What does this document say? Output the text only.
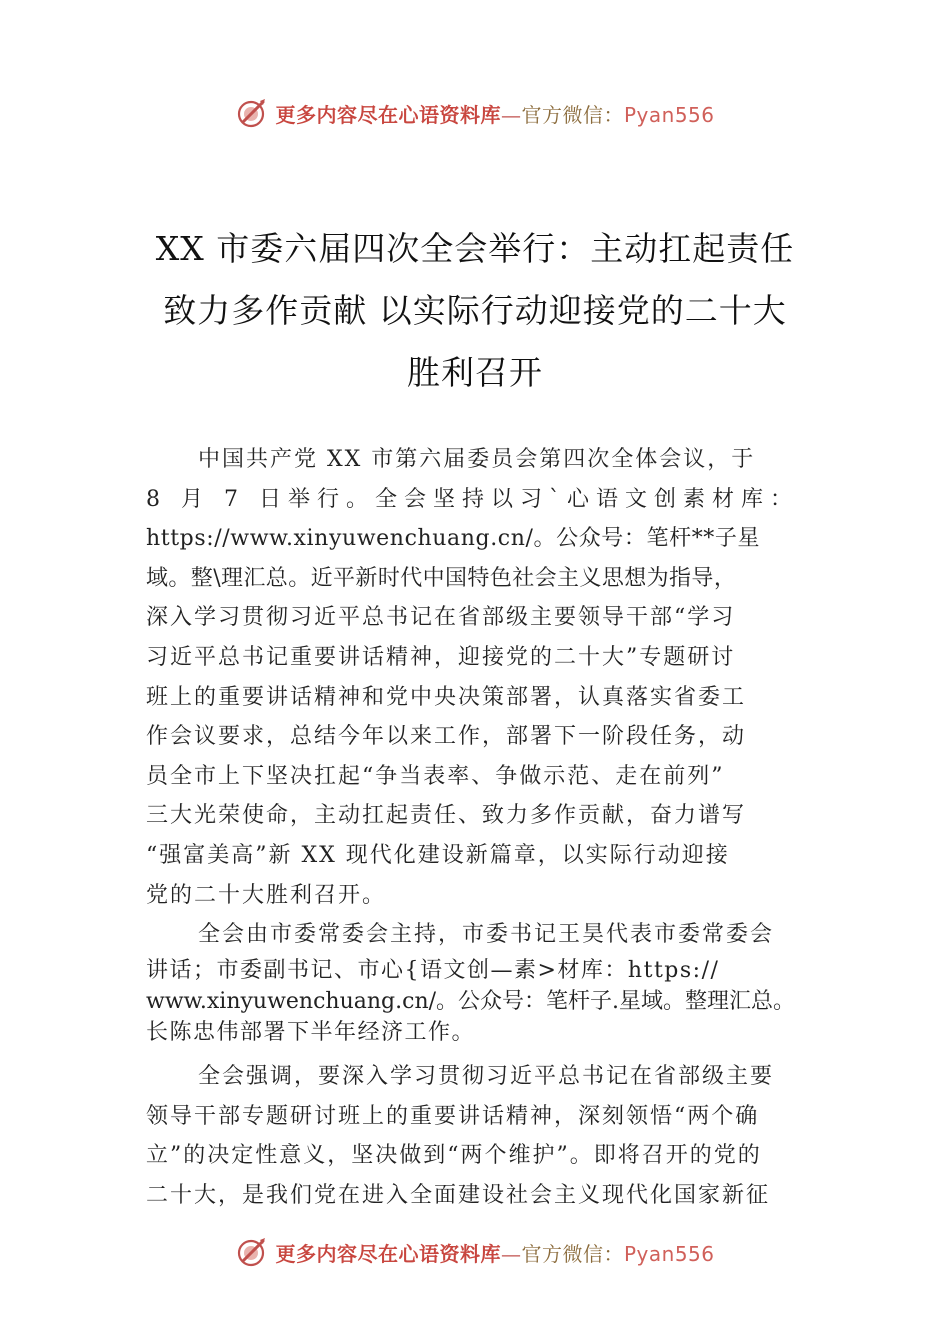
更多内容尽在心语资料库—官方微信：Pyan556
XX 市委六届四次全会举行：主动扛起责任
致力多作贡献 以实际行动迎接党的二十大
胜利召开
中国共产党 XX 市第六届委员会第四次全体会议，于
8 月 7 日举行。全会坚持以习`心语文创素材库：
https://www.xinyuwenchuang.cn/。公众号：笔杆**子星
域。整\理汇总。近平新时代中国特色社会主义思想为指导，
深入学习贯彻习近平总书记在省部级主要领导干部“学习
习近平总书记重要讲话精神，迎接党的二十大”专题研讨
班上的重要讲话精神和党中央决策部署，认真落实省委工
作会议要求，总结今年以来工作，部署下一阶段任务，动
员全市上下坚决扛起“争当表率、争做示范、走在前列”
三大光荣使命，主动扛起责任、致力多作贡献，奋力谱写
“强富美高”新 XX 现代化建设新篇章，以实际行动迎接
党的二十大胜利召开。
全会由市委常委会主持，市委书记王昊代表市委常委会
讲话；市委副书记、市心{语文创—素>材库：https://
www.xinyuwenchuang.cn/。公众号：笔杆子.星域。整理汇总。
长陈忠伟部署下半年经济工作。
全会强调，要深入学习贯彻习近平总书记在省部级主要
领导干部专题研讨班上的重要讲话精神，深刻领悟“两个确
立”的决定性意义，坚决做到“两个维护”。即将召开的党的
二十大，是我们党在进入全面建设社会主义现代化国家新征
更多内容尽在心语资料库—官方微信：Pyan556
